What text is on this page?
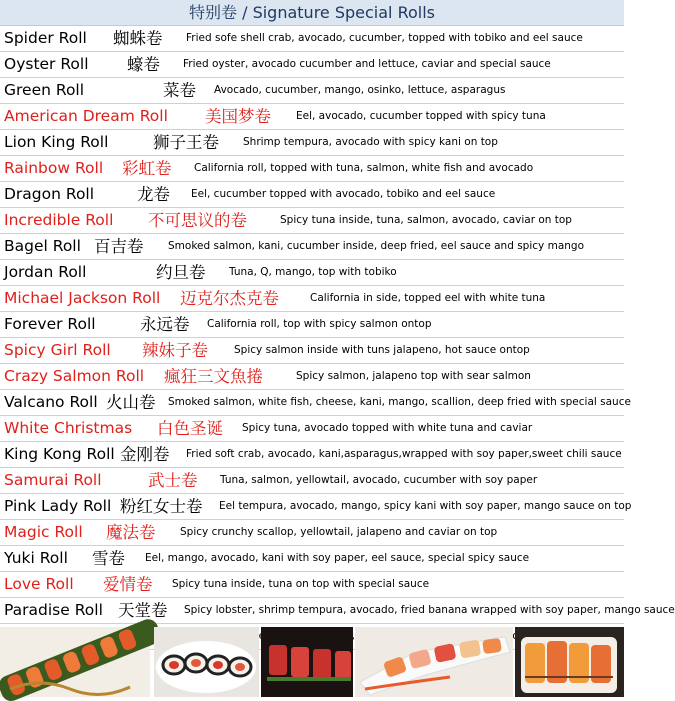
特别卷 / Signature Special Rolls
Spider Roll 蜘蛛卷 Fried sofe shell crab, avocado, cucumber, topped with tobiko and eel sauce
Oyster Roll 蠔卷 Fried oyster, avocado cucumber and lettuce, caviar and special sauce
Green Roll	菜卷 Avocado, cucumber, mango, osinko, lettuce, asparagus
American Dream Roll 美国梦卷 Eel, avocado, cucumber topped with spicy tuna
Lion King Roll	狮子王卷 Shrimp tempura, avocado with spicy kani on top
Rainbow Roll 彩虹卷 California roll, topped with tuna, salmon, white fish and avocado
Dragon Roll	龙卷 Eel, cucumber topped with avocado, tobiko and eel sauce
Incredible Roll 不可思议的卷	Spicy tuna inside, tuna, salmon, avocado, caviar on top
Bagel Roll 百吉卷 Smoked salmon, kani, cucumber inside, deep fried, eel sauce and spicy mango
Jordan Roll	约旦卷 Tuna, Q, mango, top with tobiko
Michael Jackson Roll 迈克尔杰克卷	California in side, topped eel with white tuna
Forever Roll	永远卷 California roll, top with spicy salmon ontop
Spicy Girl Roll 辣妹子卷 Spicy salmon inside with tuns jalapeno, hot sauce ontop
Crazy Salmon Roll 瘋狂三文魚捲	Spicy salmon, jalapeno top with sear salmon
Valcano Roll 火山卷 Smoked salmon, white fish, cheese, kani, mango, scallion, deep fried with special sauce
White Christmas 白色圣诞 Spicy tuna, avocado topped with white tuna and caviar
King Kong Roll 金刚卷 Fried soft crab, avocado, kani,asparagus,wrapped with soy paper,sweet chili sauce
Samurai Roll	武士卷 Tuna, salmon, yellowtail, avocado, cucumber with soy paper
Pink Lady Roll 粉红女士卷 Eel tempura, avocado, mango, spicy kani with soy paper, mango sauce on top
Magic Roll 魔法卷 Spicy crunchy scallop, yellowtail, jalapeno and caviar on top
Yuki Roll 雪卷 Eel, mango, avocado, kani with soy paper, eel sauce, special spicy sauce
Love Roll 爱情卷 Spicy tuna inside, tuna on top with special sauce
Paradise Roll 天堂卷 Spicy lobster, shrimp tempura, avocado, fried banana wrapped with soy paper, mango sauce
